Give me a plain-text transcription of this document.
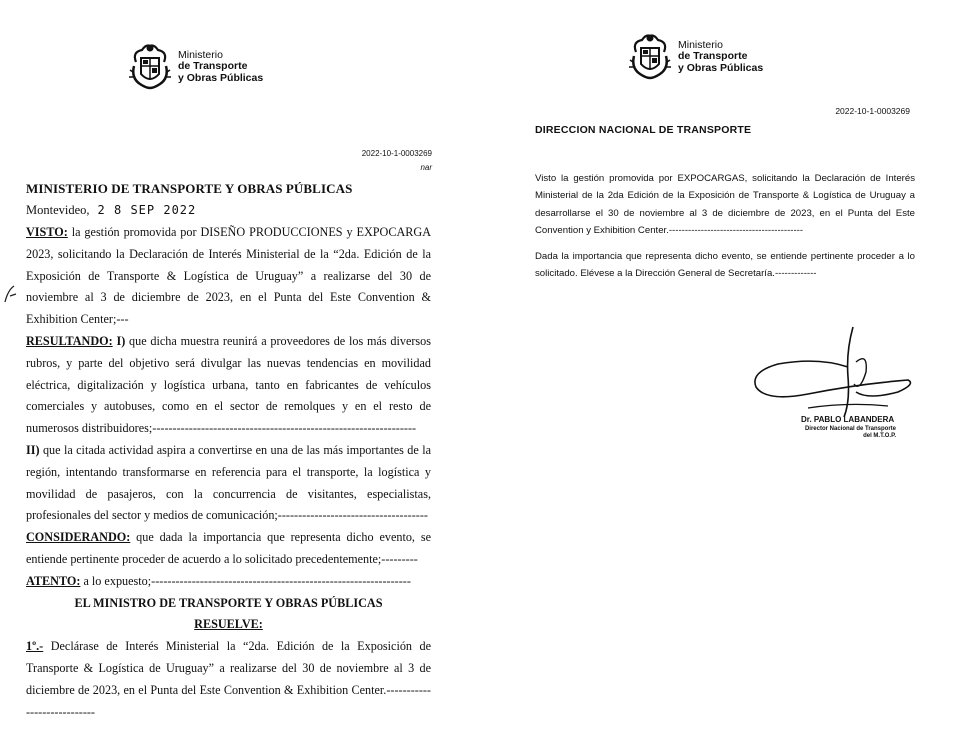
Ministerio
de Transporte
y Obras Públicas
2022-10-1-0003269
nar
MINISTERIO DE TRANSPORTE Y OBRAS PÚBLICAS
Montevideo, 2 8 SEP 2022

VISTO: la gestión promovida por DISEÑO PRODUCCIONES y EXPOCARGA 2023, solicitando la Declaración de Interés Ministerial de la “2da. Edición de la Exposición de Transporte & Logística de Uruguay” a realizarse del 30 de noviembre al 3 de diciembre de 2023, en el Punta del Este Convention & Exhibition Center;---

RESULTANDO: I) que dicha muestra reunirá a proveedores de los más diversos rubros, y parte del objetivo será divulgar las nuevas tendencias en movilidad eléctrica, digitalización y logística urbana, tanto en fabricantes de vehículos comerciales y autobuses, como en el sector de remolques y en el resto de numerosos distribuidores;-----------------------------------------------------------------

II) que la citada actividad aspira a convertirse en una de las más importantes de la región, intentando transformarse en referencia para el transporte, la logística y movilidad de pasajeros, con la concurrencia de visitantes, especialistas, profesionales del sector y medios de comunicación;-------------------------------------

CONSIDERANDO: que dada la importancia que representa dicho evento, se entiende pertinente proceder de acuerdo a lo solicitado precedentemente;---------

ATENTO: a lo expuesto;----------------------------------------------------------------

EL MINISTRO DE TRANSPORTE Y OBRAS PÚBLICAS

RESUELVE:

1º.- Declárase de Interés Ministerial la “2da. Edición de la Exposición de Transporte & Logística de Uruguay” a realizarse del 30 de noviembre al 3 de diciembre de 2023, en el Punta del Este Convention & Exhibition Center.----------------------------

Ministerio
de Transporte
y Obras Públicas
2022-10-1-0003269
DIRECCION NACIONAL DE TRANSPORTE

Visto la gestión promovida por EXPOCARGAS, solicitando la Declaración de Interés Ministerial de la 2da Edición de la Exposición de Transporte & Logística de Uruguay a desarrollarse el 30 de noviembre al 3 de diciembre de 2023, en el Punta del Este Convention y Exhibition Center.------------------------------------------

Dada la importancia que representa dicho evento, se entiende pertinente proceder a lo solicitado. Elévese a la Dirección General de Secretaría.-------------

Dr. PABLO LABANDERA
Director Nacional de Transporte
del M.T.O.P.
